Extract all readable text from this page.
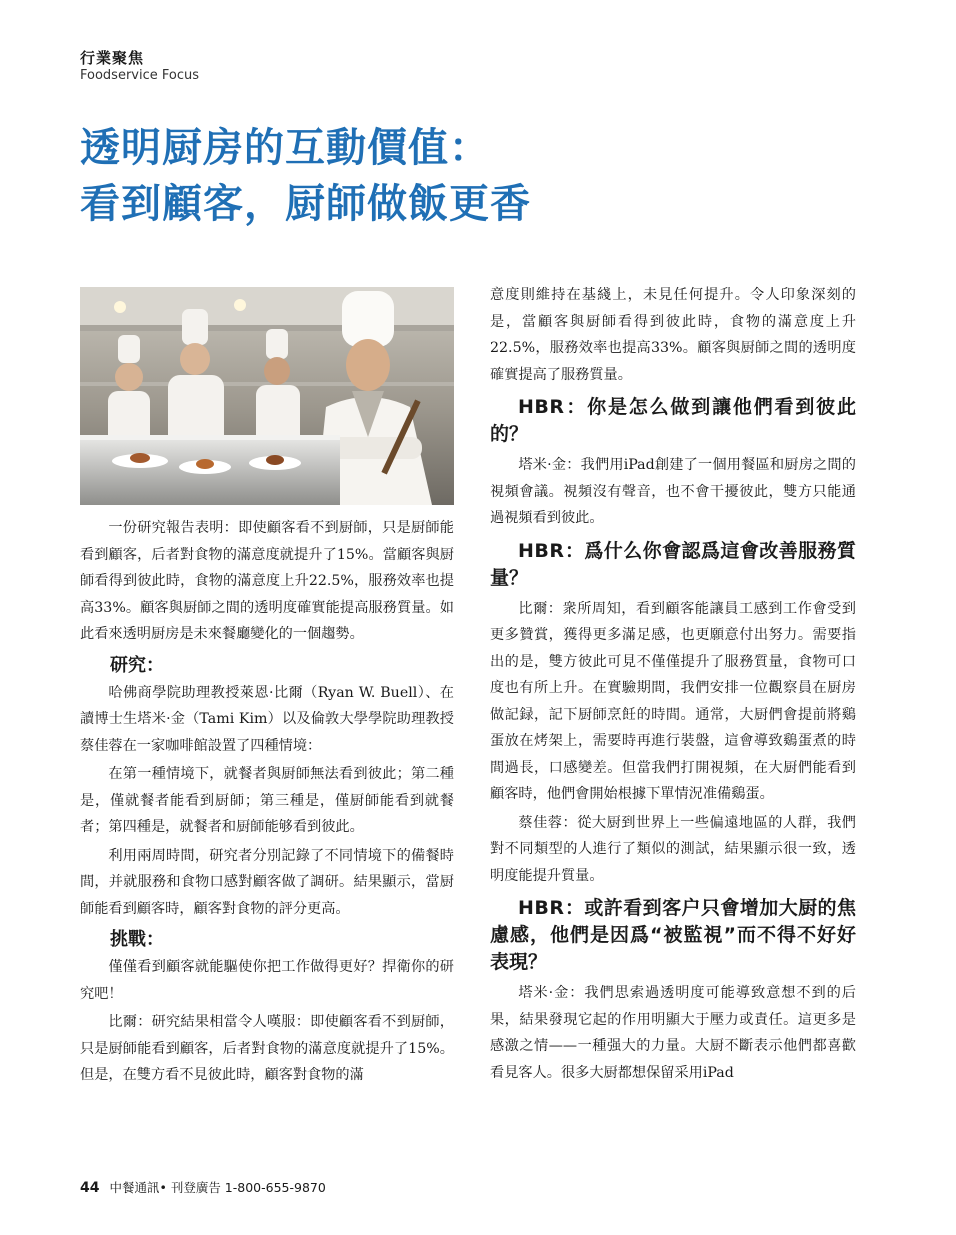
行業聚焦
Foodservice Focus
透明厨房的互動價值：
看到顧客，厨師做飯更香

一份研究報告表明：即使顧客看不到厨師，只是厨師能看到顧客，后者對食物的滿意度就提升了15%。當顧客與厨師看得到彼此時，食物的滿意度上升22.5%，服務效率也提高33%。顧客與厨師之間的透明度確實能提高服務質量。如此看來透明厨房是未來餐廳變化的一個趨勢。

研究：

哈佛商學院助理教授萊恩·比爾（Ryan W. Buell）、在讀博士生塔米·金（Tami Kim）以及倫敦大學學院助理教授蔡佳蓉在一家咖啡館設置了四種情境：

在第一種情境下，就餐者與厨師無法看到彼此；第二種是，僅就餐者能看到厨師；第三種是，僅厨師能看到就餐者；第四種是，就餐者和厨師能够看到彼此。

利用兩周時間，研究者分別記錄了不同情境下的備餐時間，并就服務和食物口感對顧客做了調研。結果顯示，當厨師能看到顧客時，顧客對食物的評分更高。

挑戰：

僅僅看到顧客就能驅使你把工作做得更好？捍衛你的研究吧！

比爾：研究結果相當令人嘆服：即使顧客看不到厨師，只是厨師能看到顧客，后者對食物的滿意度就提升了15%。但是，在雙方看不見彼此時，顧客對食物的滿

意度則維持在基綫上，未見任何提升。令人印象深刻的是，當顧客與厨師看得到彼此時，食物的滿意度上升22.5%，服務效率也提高33%。顧客與厨師之間的透明度確實提高了服務質量。

HBR：你是怎么做到讓他們看到彼此的？

塔米·金：我們用iPad創建了一個用餐區和厨房之間的視頻會議。視頻沒有聲音，也不會干擾彼此，雙方只能通過視頻看到彼此。

HBR：爲什么你會認爲這會改善服務質量？

比爾：衆所周知，看到顧客能讓員工感到工作會受到更多贊賞，獲得更多滿足感，也更願意付出努力。需要指出的是，雙方彼此可見不僅僅提升了服務質量，食物可口度也有所上升。在實驗期間，我們安排一位觀察員在厨房做記録，記下厨師烹飪的時間。通常，大厨們會提前將鷄蛋放在烤架上，需要時再進行裝盤，這會導致鷄蛋煮的時間過長，口感變差。但當我們打開視頻，在大厨們能看到顧客時，他們會開始根據下單情況准備鷄蛋。

蔡佳蓉：從大厨到世界上一些偏遠地區的人群，我們對不同類型的人進行了類似的測試，結果顯示很一致，透明度能提升質量。

HBR：或許看到客户只會增加大厨的焦慮感，他們是因爲“被監視”而不得不好好表現？

塔米·金：我們思索過透明度可能導致意想不到的后果，結果發現它起的作用明顯大于壓力或責任。這更多是感激之情——一種强大的力量。大厨不斷表示他們都喜歡看見客人。很多大厨都想保留采用iPad

44 中餐通訊• 刊登廣告 1-800-655-9870
